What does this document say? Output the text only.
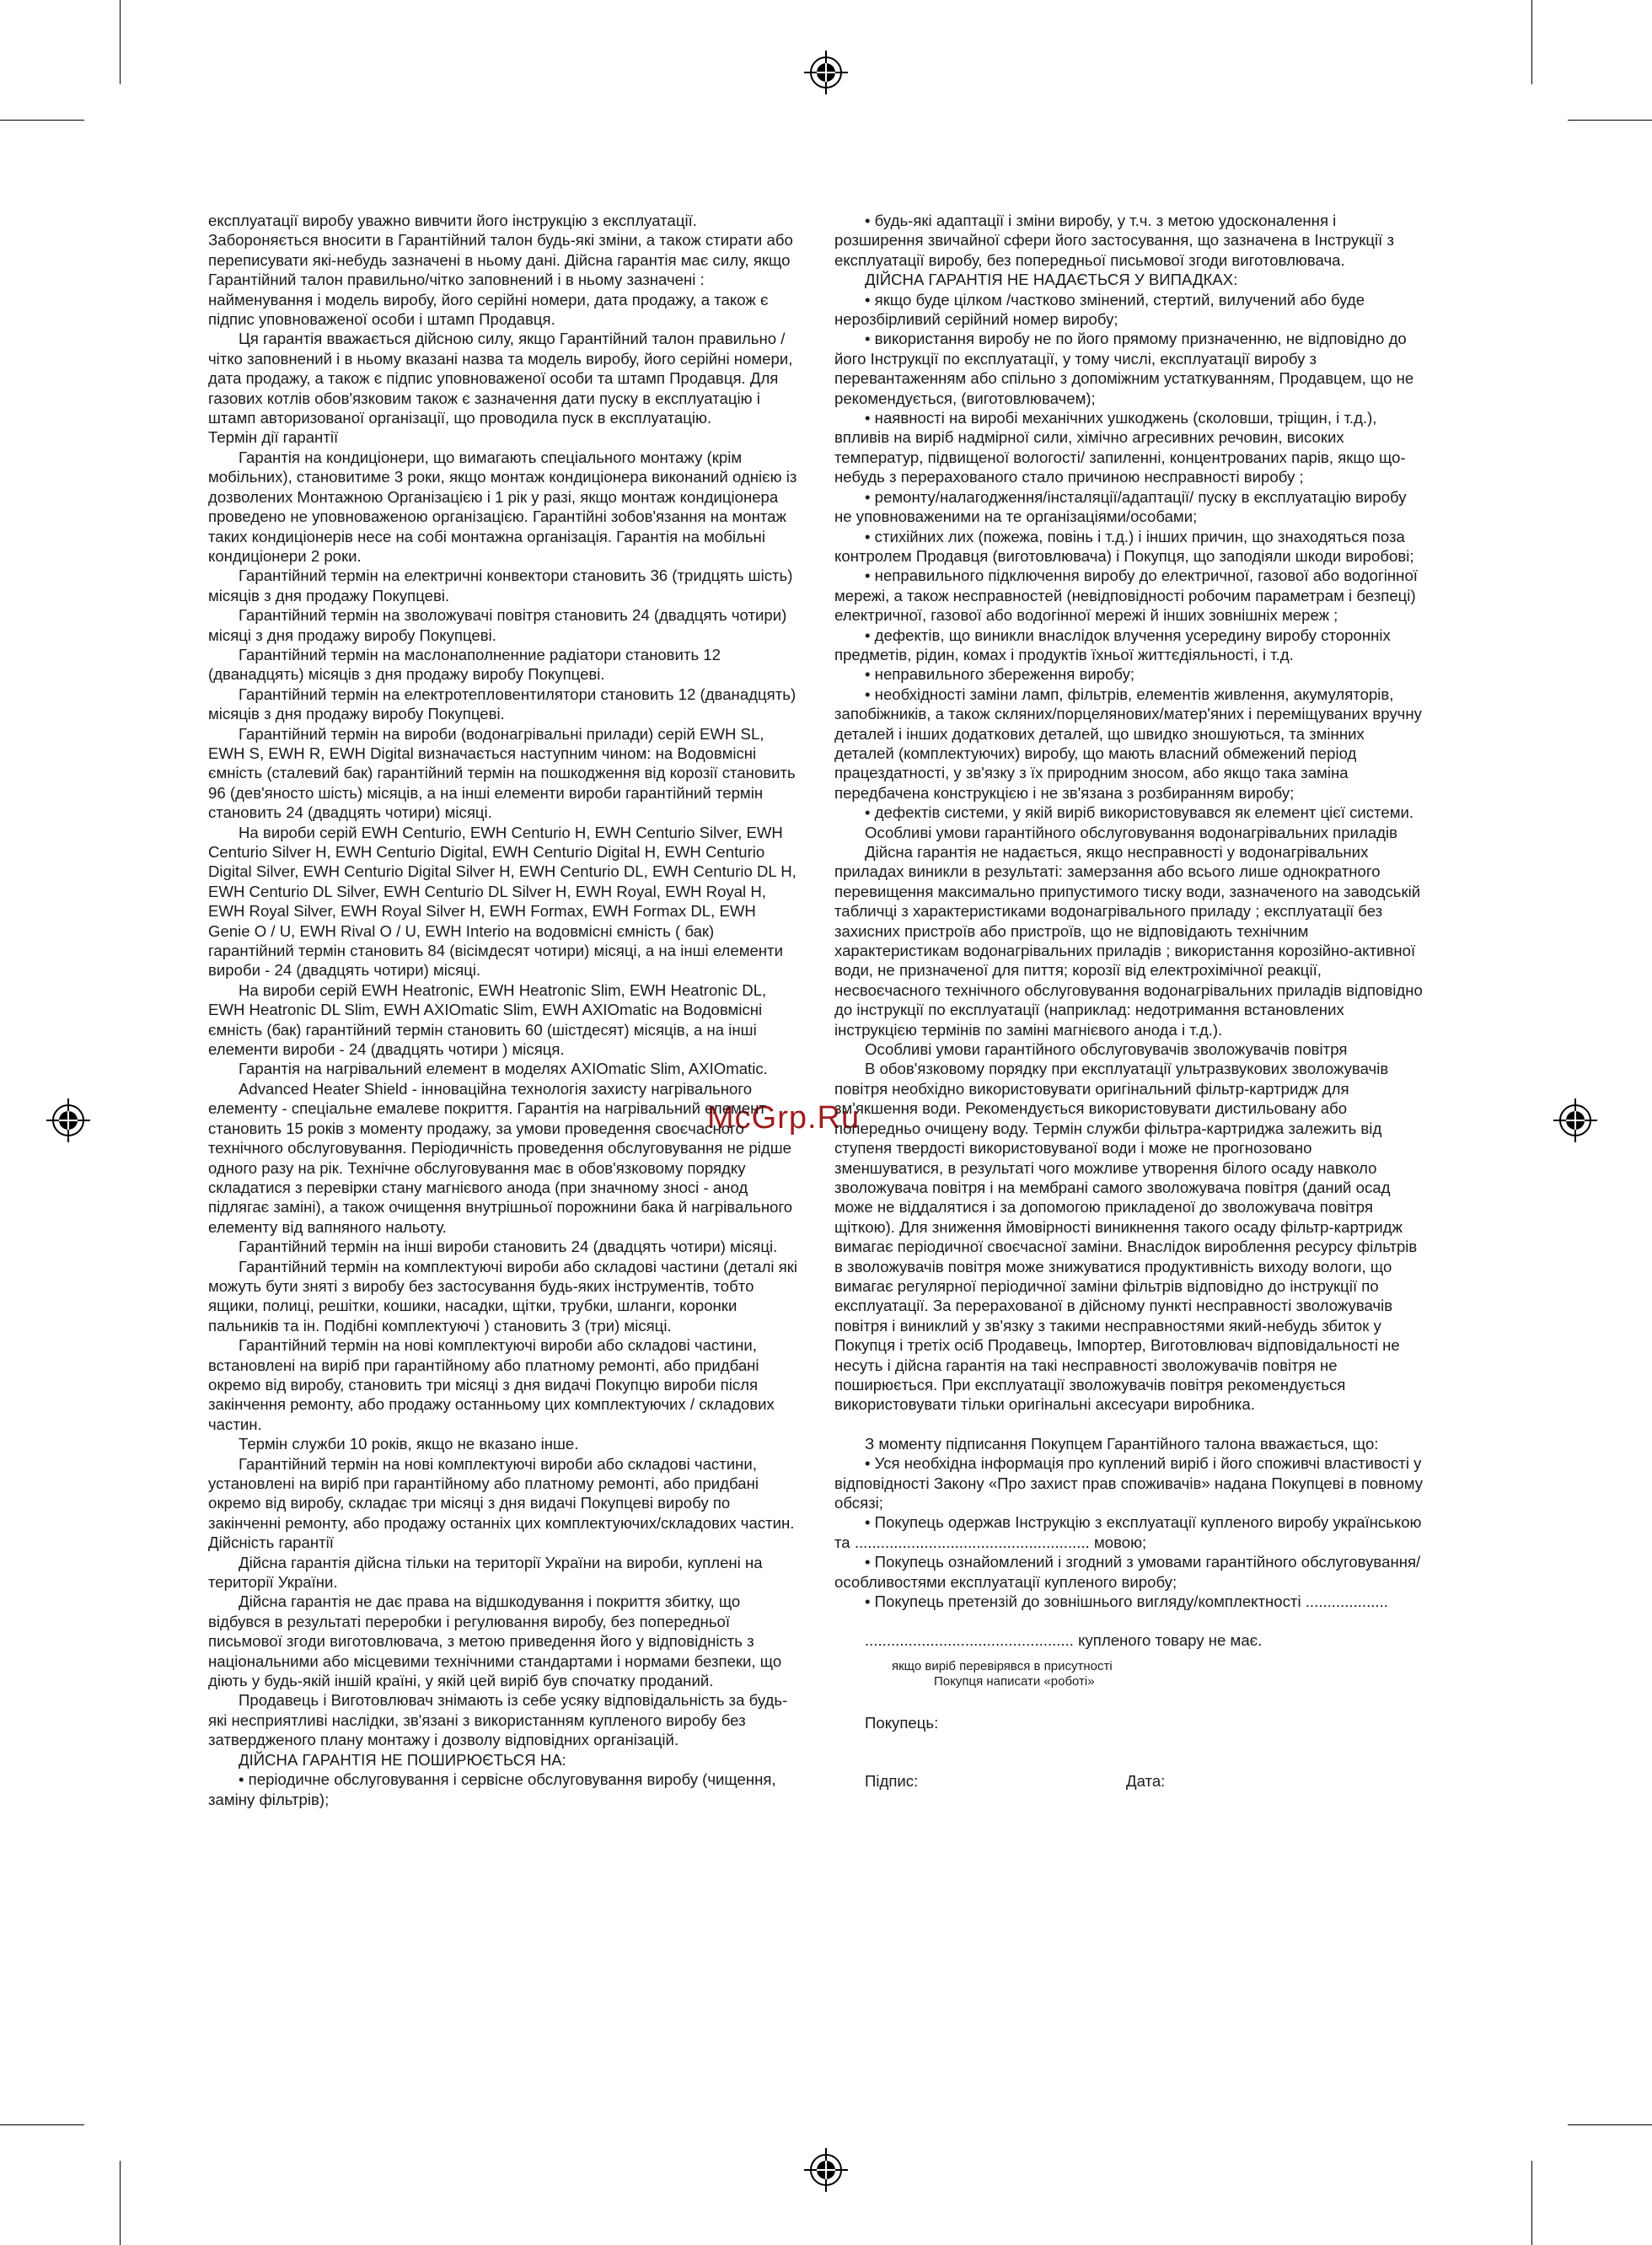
McGrp.Ru

експлуатації виробу уважно вивчити його інструкцію з експлуатації. Забороняється вносити в Гарантійний талон будь-які зміни, а також стирати або переписувати які-небудь зазначені в ньому дані. Дійсна гарантія має силу, якщо Гарантійний талон правильно/чітко заповнений і в ньому зазначені : найменування і модель виробу, його серійні номери, дата продажу, а також є підпис уповноваженої особи і штамп Продавця.

Ця гарантія вважається дійсною силу, якщо Гарантійний талон правильно / чітко заповнений і в ньому вказані назва та модель виробу, його серійні номери, дата продажу, а також є підпис уповноваженої особи та штамп Продавця. Для газових котлів обов'язковим також є зазначення дати пуску в експлуатацію і штамп авторизованої організації, що проводила пуск в експлуатацію.

Термін дії гарантії

Гарантія на кондиціонери, що вимагають спеціального монтажу (крім мобільних), становитиме 3 роки, якщо монтаж кондиціонера виконаний однією із дозволених Монтажною Організацією і 1 рік у разі, якщо монтаж кондиціонера проведено не уповноваженою організацією. Гарантійні зобов'язання на монтаж таких кондиціонерів несе на собі монтажна організація. Гарантія на мобільні кондиціонери 2 роки.

Гарантійний термін на електричні конвектори становить 36 (тридцять шість) місяців з дня продажу Покупцеві.

Гарантійний термін на зволожувачі повітря становить 24 (двадцять чотири) місяці з дня продажу виробу Покупцеві.

Гарантійний термін на маслонаполненние радіатори становить 12 (дванадцять) місяців з дня продажу виробу Покупцеві.

Гарантійний термін на електротепловентилятори становить 12 (дванадцять) місяців з дня продажу виробу Покупцеві.

Гарантійний термін на вироби (водонагрівальні прилади) серій EWH SL, EWH S, EWH R, EWH Digital визначається наступним чином: на Водовмісні ємність (сталевий бак) гарантійний термін на пошкодження від корозії становить 96 (дев'яносто шість) місяців, а на інші елементи вироби гарантійний термін становить 24 (двадцять чотири) місяці.

На вироби серій EWH Centurio, EWH Centurio H, EWH Centurio Silver, EWH Centurio Silver H, EWH Centurio Digital, EWH Centurio Digital H, EWH Centurio Digital Silver, EWH Centurio Digital Silver H, EWH Centurio DL, EWH Centurio DL H, EWH Centurio DL Silver, EWH Centurio DL Silver H, EWH Royal, EWH Royal H, EWH Royal Silver, EWH Royal Silver H, EWH Formax, EWH Formax DL, EWH Genie O / U, EWH Rival O / U, EWH Interio на водовмісні ємність ( бак) гарантійний термін становить 84 (вісімдесят чотири) місяці, а на інші елементи вироби - 24 (двадцять чотири) місяці.

На вироби серій EWH Heatronic, EWH Heatronic Slim, EWH Heatronic DL, EWH Heatronic DL Slim, EWH AXIOmatic Slim, EWH AXIOmatic на Водовмісні ємність (бак) гарантійний термін становить 60 (шістдесят) місяців, а на інші елементи вироби - 24 (двадцять чотири ) місяця.

Гарантія на нагрівальний елемент в моделях AXIOmatic Slim, AXIOmatic.

Advanced Heater Shield - інноваційна технологія захисту нагрівального елементу - спеціальне емалеве покриття. Гарантія на нагрівальний елемент становить 15 років з моменту продажу, за умови проведення своєчасного технічного обслуговування. Періодичність проведення обслуговування не рідше одного разу на рік. Технічне обслуговування має в обов'язковому порядку складатися з перевірки стану магнієвого анода (при значному зносі - анод підлягає заміні), а також очищення внутрішньої порожнини бака й нагрівального елементу від вапняного нальоту.

Гарантійний термін на інші вироби становить 24 (двадцять чотири) місяці.

Гарантійний термін на комплектуючі вироби або складові частини (деталі які можуть бути зняті з виробу без застосування будь-яких інструментів, тобто ящики, полиці, решітки, кошики, насадки, щітки, трубки, шланги, коронки пальників та ін. Подібні комплектуючі ) становить 3 (три) місяці.

Гарантійний термін на нові комплектуючі вироби або складові частини, встановлені на виріб при гарантійному або платному ремонті, або придбані окремо від виробу, становить три місяці з дня видачі Покупцю вироби після закінчення ремонту, або продажу останньому цих комплектуючих / складових частин.

Термін служби 10 років, якщо не вказано інше.

Гарантійний термін на нові комплектуючі вироби або складові частини, установлені на виріб при гарантійному або платному ремонті, або придбані окремо від виробу, складає три місяці з дня видачі Покупцеві виробу по закінченні ремонту, або продажу останніх цих комплектуючих/складових частин.

Дійсність гарантії

Дійсна гарантія дійсна тільки на території України на вироби, куплені на території України.

Дійсна гарантія не дає права на відшкодування і покриття збитку, що відбувся в результаті переробки і регулювання виробу, без попередньої письмової згоди виготовлювача, з метою приведення його у відповідність з національними або місцевими технічними стандартами і нормами безпеки, що діють у будь-якій іншій країні, у якій цей виріб був спочатку проданий.

Продавець і Виготовлювач знімають із себе усяку відповідальність за будь-які несприятливі наслідки, зв'язані з використанням купленого виробу без затвердженого плану монтажу і дозволу відповідних організацій.

ДІЙСНА ГАРАНТІЯ НЕ ПОШИРЮЄТЬСЯ НА:

• періодичне обслуговування і сервісне обслуговування виробу (чищення, заміну фільтрів);

• будь-які адаптації і зміни виробу, у т.ч. з метою удосконалення і розширення звичайної сфери його застосування, що зазначена в Інструкції з експлуатації виробу, без попередньої письмової згоди виготовлювача.

ДІЙСНА ГАРАНТІЯ НЕ НАДАЄТЬСЯ У ВИПАДКАХ:

• якщо буде цілком /частково змінений, стертий, вилучений або буде нерозбірливий серійний номер виробу;

• використання виробу не по його прямому призначенню, не відповідно до його Інструкції по експлуатації, у тому числі, експлуатації виробу з перевантаженням або спільно з допоміжним устаткуванням, Продавцем, що не рекомендується, (виготовлювачем);

• наявності на виробі механічних ушкоджень (сколовши, тріщин, і т.д.), впливів на виріб надмірної сили, хімічно агресивних речовин, високих температур, підвищеної вологості/ запиленні, концентрованих парів, якщо що-небудь з перерахованого стало причиною несправності виробу ;

• ремонту/налагодження/інсталяції/адаптації/ пуску в експлуатацію виробу не уповноваженими на те організаціями/особами;

• стихійних лих (пожежа, повінь і т.д.) і інших причин, що знаходяться поза контролем Продавця (виготовлювача) і Покупця, що заподіяли шкоди виробові;

• неправильного підключення виробу до електричної, газової або водогінної мережі, а також несправностей (невідповідності робочим параметрам і безпеці) електричної, газової або водогінної мережі й інших зовнішніх мереж ;

• дефектів, що виникли внаслідок влучення усередину виробу сторонніх предметів, рідин, комах і продуктів їхньої життєдіяльності, і т.д.

• неправильного збереження виробу;

• необхідності заміни ламп, фільтрів, елементів живлення, акумуляторів, запобіжників, а також скляних/порцелянових/матер'яних і переміщуваних вручну деталей і інших додаткових деталей, що швидко зношуються, та змінних деталей (комплектуючих) виробу, що мають власний обмежений період працездатності, у зв'язку з їх природним зносом, або якщо така заміна передбачена конструкцією і не зв'язана з розбиранням виробу;

• дефектів системи, у якій виріб використовувався як елемент цієї системи.

Особливі умови гарантійного обслуговування водонагрівальних приладів

Дійсна гарантія не надається, якщо несправності у водонагрівальних приладах виникли в результаті: замерзання або всього лише однократного перевищення максимально припустимого тиску води, зазначеного на заводській табличці з характеристиками водонагрівального приладу ; експлуатації без захисних пристроїв або пристроїв, що не відповідають технічним характеристикам водонагрівальних приладів ; використання корозійно-активної води, не призначеної для пиття; корозії від електрохімічної реакції, несвоєчасного технічного обслуговування водонагрівальних приладів відповідно до інструкції по експлуатації (наприклад: недотримання встановлених інструкцією термінів по заміні магнієвого анода і т.д.).

Особливі умови гарантійного обслуговувачів зволожувачів повітря

В обов'язковому порядку при експлуатації ультразвукових зволожувачів повітря необхідно використовувати оригінальний фільтр-картридж для зм'якшення води. Рекомендується використовувати дистильовану або попередньо очищену воду. Термін служби фільтра-картриджа залежить від ступеня твердості використовуваної води і може не прогнозовано зменшуватися, в результаті чого можливе утворення білого осаду навколо зволожувача повітря і на мембрані самого зволожувача повітря (даний осад може не віддалятися і за допомогою прикладеної до зволожувача повітря щіткою). Для зниження ймовірності виникнення такого осаду фільтр-картридж вимагає періодичної своєчасної заміни. Внаслідок вироблення ресурсу фільтрів в зволожувачів повітря може знижуватися продуктивність виходу вологи, що вимагає регулярної періодичної заміни фільтрів відповідно до інструкції по експлуатації. За перерахованої в дійсному пункті несправності зволожувачів повітря і виниклий у зв'язку з такими несправностями який-небудь збиток у Покупця і третіх осіб Продавець, Імпортер, Виготовлювач відповідальності не несуть і дійсна гарантія на такі несправності зволожувачів повітря не поширюється. При експлуатації зволожувачів повітря рекомендується використовувати тільки оригінальні аксесуари виробника.

З моменту підписання Покупцем Гарантійного талона вважається, що:

• Уся необхідна інформація про куплений виріб і його споживчі властивості у відповідності Закону «Про захист прав споживачів» надана Покупцеві в повному обсязі;

• Покупець одержав Інструкцію з експлуатації купленого виробу українською та ...................................................... мовою;

• Покупець ознайомлений і згодний з умовами гарантійного обслуговування/особливостями експлуатації купленого виробу;

• Покупець претензій до зовнішнього вигляду/комплектності ...................

................................................ купленого товару не має.

якщо виріб перевірявся в присутності

Покупця написати «роботі»

Покупець:

Підпис:	Дата:
